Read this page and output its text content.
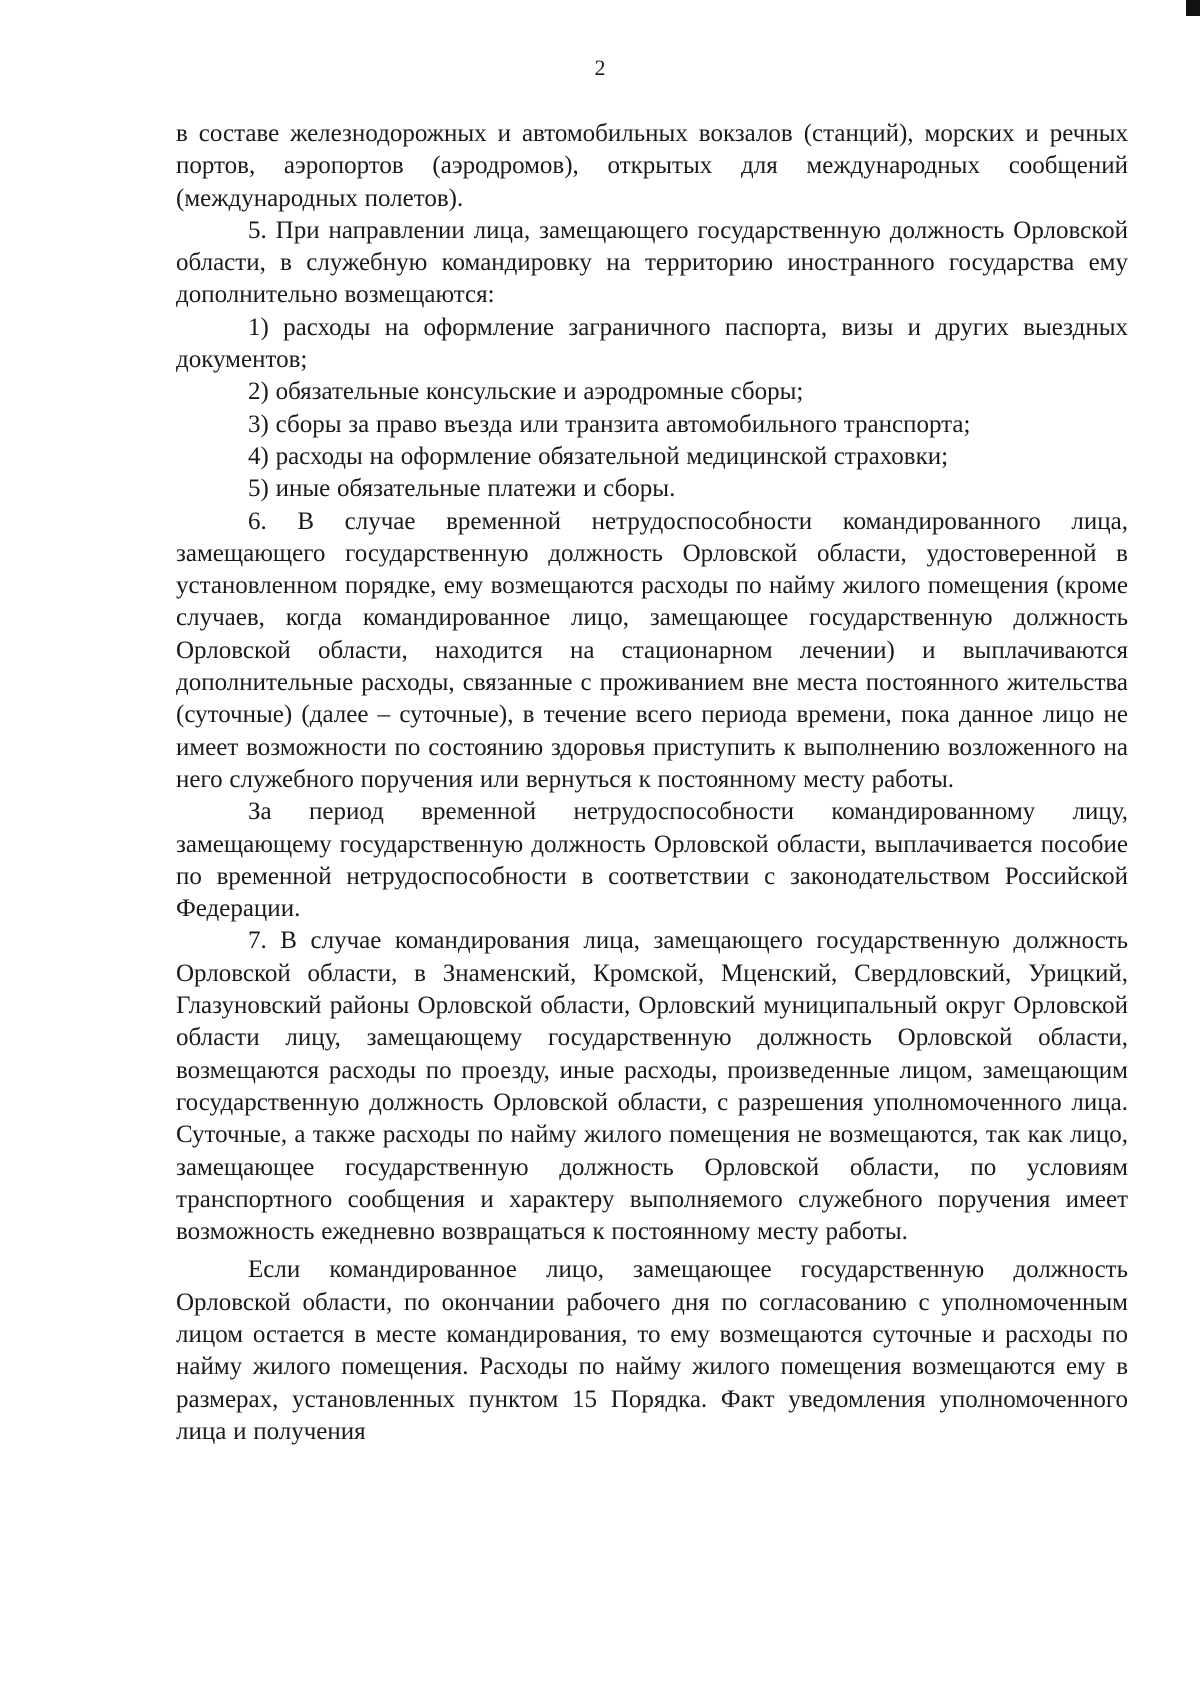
2

в составе железнодорожных и автомобильных вокзалов (станций), морских и речных портов, аэропортов (аэродромов), открытых для международных сообщений (международных полетов).

5. При направлении лица, замещающего государственную должность Орловской области, в служебную командировку на территорию иностранного государства ему дополнительно возмещаются:

1) расходы на оформление заграничного паспорта, визы и других выездных документов;

2) обязательные консульские и аэродромные сборы;

3) сборы за право въезда или транзита автомобильного транспорта;

4) расходы на оформление обязательной медицинской страховки;

5) иные обязательные платежи и сборы.

6. В случае временной нетрудоспособности командированного лица, замещающего государственную должность Орловской области, удостоверенной в установленном порядке, ему возмещаются расходы по найму жилого помещения (кроме случаев, когда командированное лицо, замещающее государственную должность Орловской области, находится на стационарном лечении) и выплачиваются дополнительные расходы, связанные с проживанием вне места постоянного жительства (суточные) (далее – суточные), в течение всего периода времени, пока данное лицо не имеет возможности по состоянию здоровья приступить к выполнению возложенного на него служебного поручения или вернуться к постоянному месту работы.

За период временной нетрудоспособности командированному лицу, замещающему государственную должность Орловской области, выплачивается пособие по временной нетрудоспособности в соответствии с законодательством Российской Федерации.

7. В случае командирования лица, замещающего государственную должность Орловской области, в Знаменский, Кромской, Мценский, Свердловский, Урицкий, Глазуновский районы Орловской области, Орловский муниципальный округ Орловской области лицу, замещающему государственную должность Орловской области, возмещаются расходы по проезду, иные расходы, произведенные лицом, замещающим государственную должность Орловской области, с разрешения уполномоченного лица. Суточные, а также расходы по найму жилого помещения не возмещаются, так как лицо, замещающее государственную должность Орловской области, по условиям транспортного сообщения и характеру выполняемого служебного поручения имеет возможность ежедневно возвращаться к постоянному месту работы.

Если командированное лицо, замещающее государственную должность Орловской области, по окончании рабочего дня по согласованию с уполномоченным лицом остается в месте командирования, то ему возмещаются суточные и расходы по найму жилого помещения. Расходы по найму жилого помещения возмещаются ему в размерах, установленных пунктом 15 Порядка. Факт уведомления уполномоченного лица и получения
